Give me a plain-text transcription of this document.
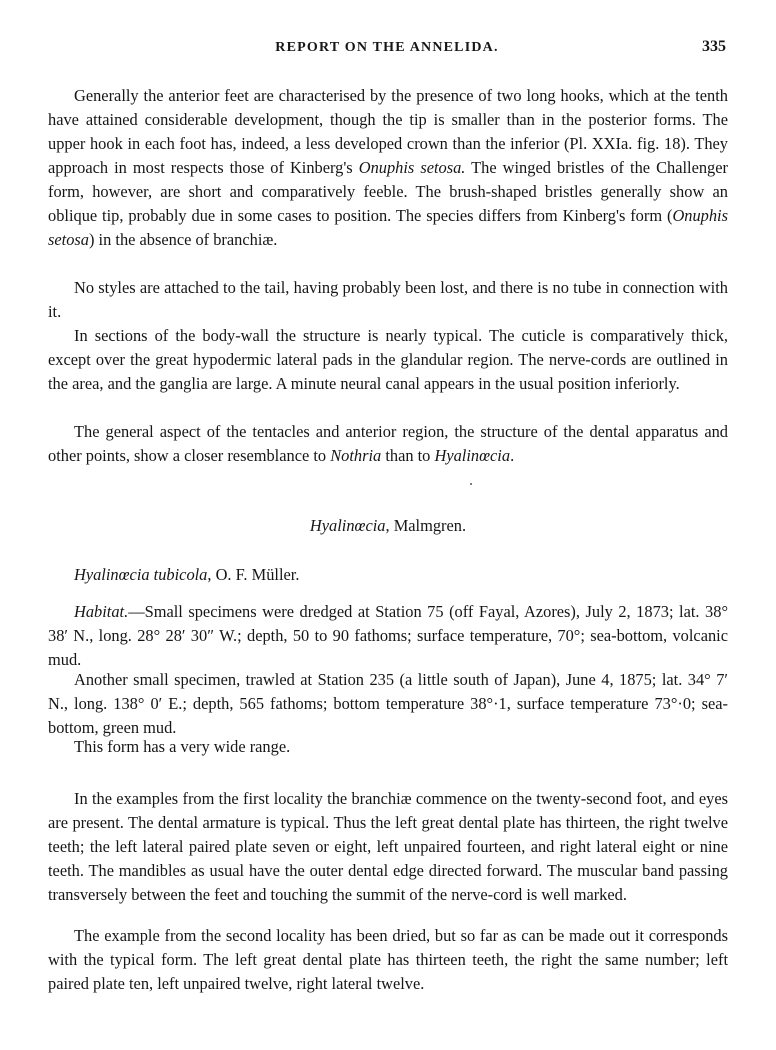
REPORT ON THE ANNELIDA.	335

Generally the anterior feet are characterised by the presence of two long hooks, which at the tenth have attained considerable development, though the tip is smaller than in the posterior forms. The upper hook in each foot has, indeed, a less developed crown than the inferior (Pl. XXIa. fig. 18). They approach in most respects those of Kinberg's Onuphis setosa. The winged bristles of the Challenger form, however, are short and comparatively feeble. The brush-shaped bristles generally show an oblique tip, probably due in some cases to position. The species differs from Kinberg's form (Onuphis setosa) in the absence of branchiæ.

No styles are attached to the tail, having probably been lost, and there is no tube in connection with it.

In sections of the body-wall the structure is nearly typical. The cuticle is comparatively thick, except over the great hypodermic lateral pads in the glandular region. The nerve-cords are outlined in the area, and the ganglia are large. A minute neural canal appears in the usual position inferiorly.

The general aspect of the tentacles and anterior region, the structure of the dental apparatus and other points, show a closer resemblance to Nothria than to Hyalinœcia.

Hyalinœcia, Malmgren.
Hyalinœcia tubicola, O. F. Müller.

Habitat.—Small specimens were dredged at Station 75 (off Fayal, Azores), July 2, 1873; lat. 38° 38′ N., long. 28° 28′ 30″ W.; depth, 50 to 90 fathoms; surface temperature, 70°; sea-bottom, volcanic mud.

Another small specimen, trawled at Station 235 (a little south of Japan), June 4, 1875; lat. 34° 7′ N., long. 138° 0′ E.; depth, 565 fathoms; bottom temperature 38°·1, surface temperature 73°·0; sea-bottom, green mud.

This form has a very wide range.

In the examples from the first locality the branchiæ commence on the twenty-second foot, and eyes are present. The dental armature is typical. Thus the left great dental plate has thirteen, the right twelve teeth; the left lateral paired plate seven or eight, left unpaired fourteen, and right lateral eight or nine teeth. The mandibles as usual have the outer dental edge directed forward. The muscular band passing transversely between the feet and touching the summit of the nerve-cord is well marked.

The example from the second locality has been dried, but so far as can be made out it corresponds with the typical form. The left great dental plate has thirteen teeth, the right the same number; left paired plate ten, left unpaired twelve, right lateral twelve.
